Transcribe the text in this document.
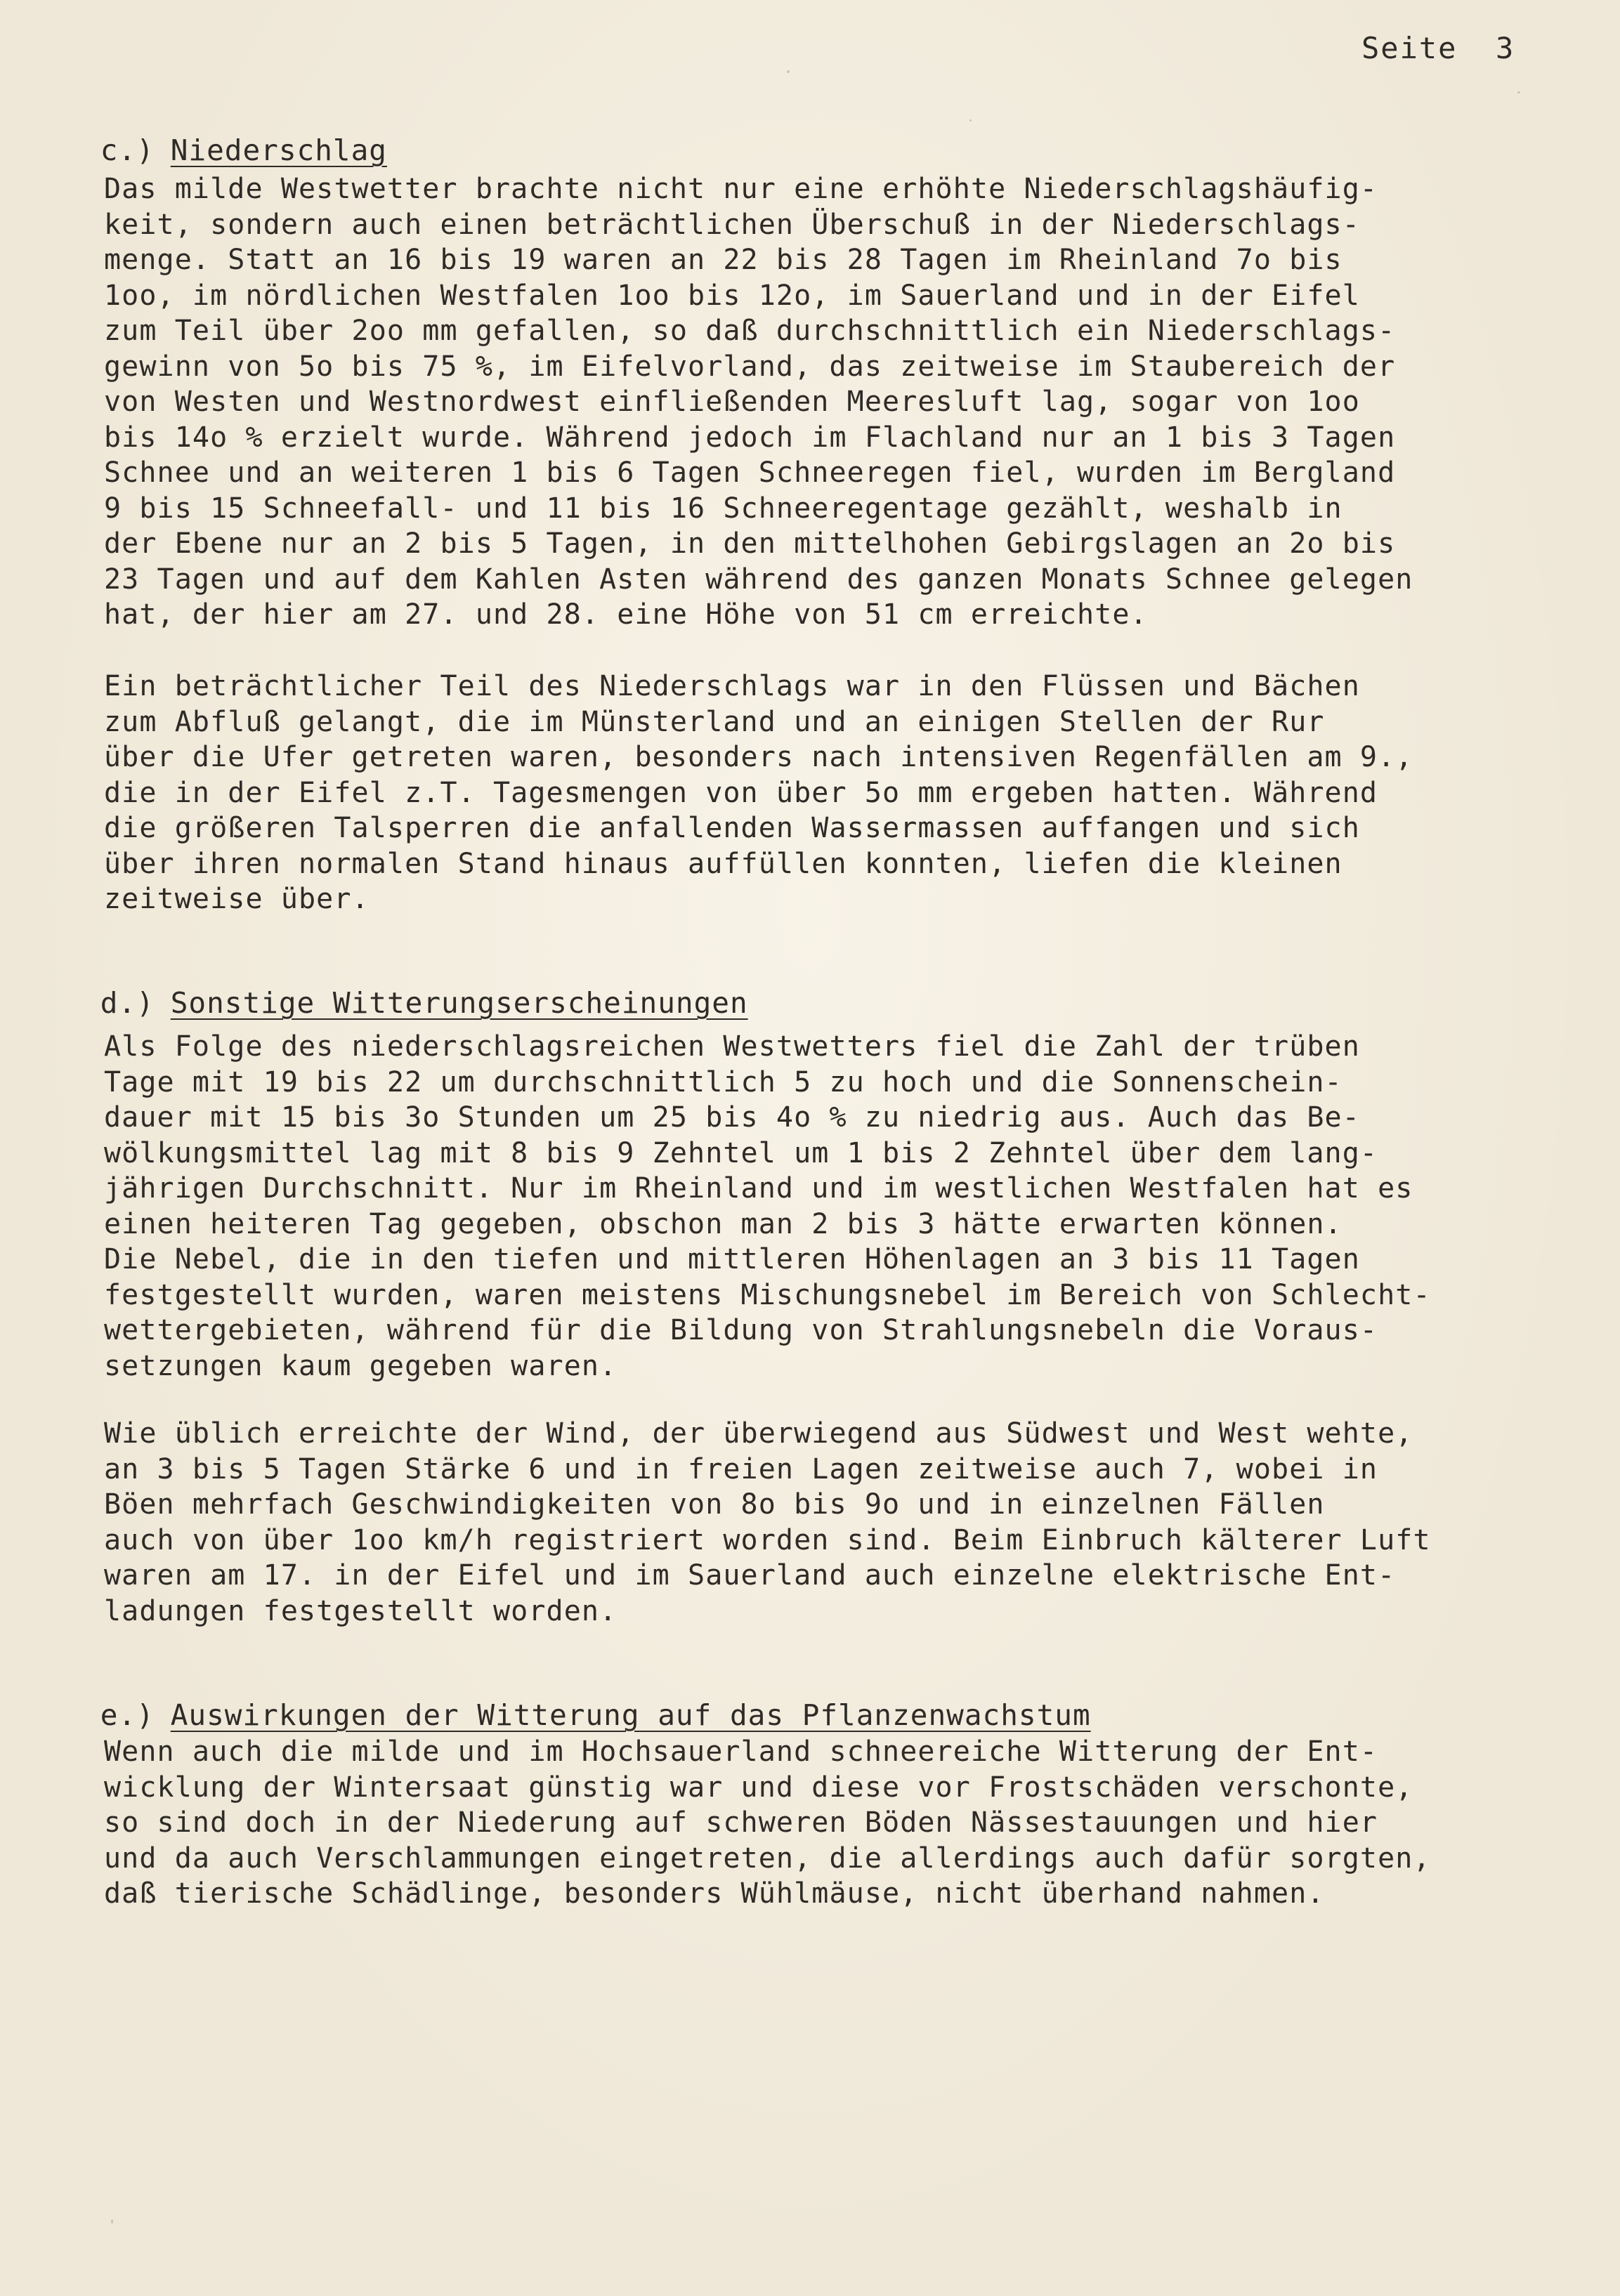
Seite 3

c.) Niederschlag

Das milde Westwetter brachte nicht nur eine erhöhte Niederschlagshäufig-
keit, sondern auch einen beträchtlichen Überschuß in der Niederschlags-
menge. Statt an 16 bis 19 waren an 22 bis 28 Tagen im Rheinland 7o bis
1oo, im nördlichen Westfalen 1oo bis 12o, im Sauerland und in der Eifel
zum Teil über 2oo mm gefallen, so daß durchschnittlich ein Niederschlags-
gewinn von 5o bis 75 %, im Eifelvorland, das zeitweise im Staubereich der
von Westen und Westnordwest einfließenden Meeresluft lag, sogar von 1oo
bis 14o % erzielt wurde. Während jedoch im Flachland nur an 1 bis 3 Tagen
Schnee und an weiteren 1 bis 6 Tagen Schneeregen fiel, wurden im Bergland
9 bis 15 Schneefall- und 11 bis 16 Schneeregentage gezählt, weshalb in
der Ebene nur an 2 bis 5 Tagen, in den mittelhohen Gebirgslagen an 2o bis
23 Tagen und auf dem Kahlen Asten während des ganzen Monats Schnee gelegen
hat, der hier am 27. und 28. eine Höhe von 51 cm erreichte.
Ein beträchtlicher Teil des Niederschlags war in den Flüssen und Bächen
zum Abfluß gelangt, die im Münsterland und an einigen Stellen der Rur
über die Ufer getreten waren, besonders nach intensiven Regenfällen am 9.,
die in der Eifel z.T. Tagesmengen von über 5o mm ergeben hatten. Während
die größeren Talsperren die anfallenden Wassermassen auffangen und sich
über ihren normalen Stand hinaus auffüllen konnten, liefen die kleinen
zeitweise über.

d.) Sonstige Witterungserscheinungen

Als Folge des niederschlagsreichen Westwetters fiel die Zahl der trüben
Tage mit 19 bis 22 um durchschnittlich 5 zu hoch und die Sonnenschein-
dauer mit 15 bis 3o Stunden um 25 bis 4o % zu niedrig aus. Auch das Be-
wölkungsmittel lag mit 8 bis 9 Zehntel um 1 bis 2 Zehntel über dem lang-
jährigen Durchschnitt. Nur im Rheinland und im westlichen Westfalen hat es
einen heiteren Tag gegeben, obschon man 2 bis 3 hätte erwarten können.
Die Nebel, die in den tiefen und mittleren Höhenlagen an 3 bis 11 Tagen
festgestellt wurden, waren meistens Mischungsnebel im Bereich von Schlecht-
wettergebieten, während für die Bildung von Strahlungsnebeln die Voraus-
setzungen kaum gegeben waren.
Wie üblich erreichte der Wind, der überwiegend aus Südwest und West wehte,
an 3 bis 5 Tagen Stärke 6 und in freien Lagen zeitweise auch 7, wobei in
Böen mehrfach Geschwindigkeiten von 8o bis 9o und in einzelnen Fällen
auch von über 1oo km/h registriert worden sind. Beim Einbruch kälterer Luft
waren am 17. in der Eifel und im Sauerland auch einzelne elektrische Ent-
ladungen festgestellt worden.

e.) Auswirkungen der Witterung auf das Pflanzenwachstum

Wenn auch die milde und im Hochsauerland schneereiche Witterung der Ent-
wicklung der Wintersaat günstig war und diese vor Frostschäden verschonte,
so sind doch in der Niederung auf schweren Böden Nässestauungen und hier
und da auch Verschlammungen eingetreten, die allerdings auch dafür sorgten,
daß tierische Schädlinge, besonders Wühlmäuse, nicht überhand nahmen.
